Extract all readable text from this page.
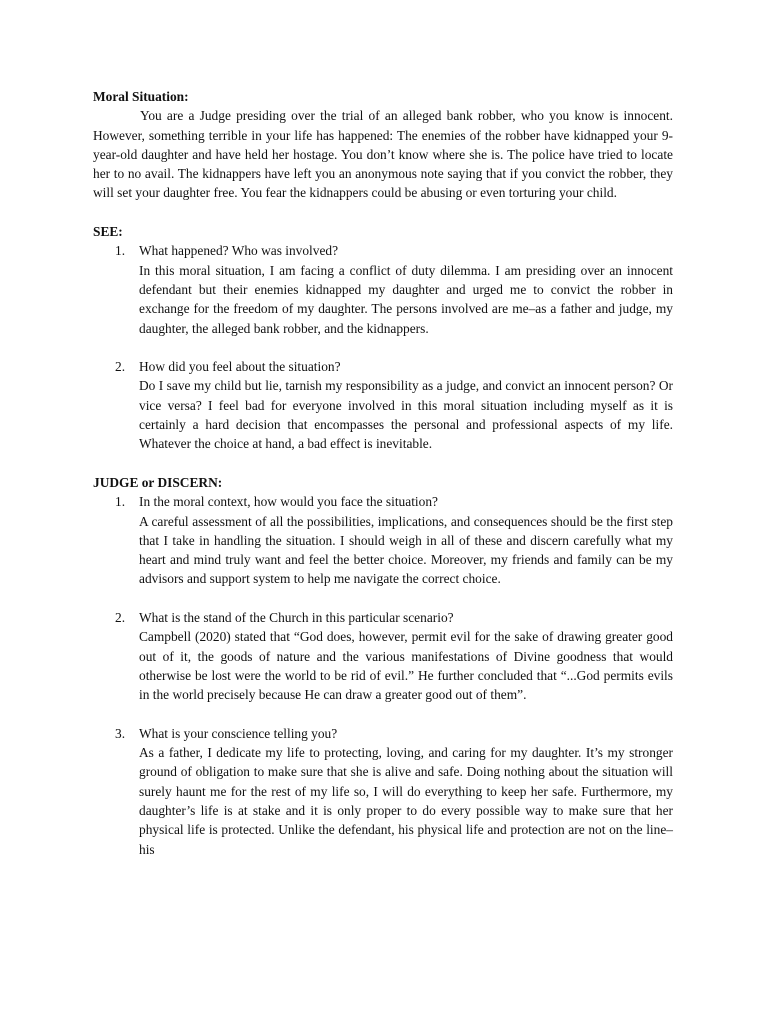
Moral Situation:

You are a Judge presiding over the trial of an alleged bank robber, who you know is innocent. However, something terrible in your life has happened: The enemies of the robber have kidnapped your 9-year-old daughter and have held her hostage. You don’t know where she is. The police have tried to locate her to no avail. The kidnappers have left you an anonymous note saying that if you convict the robber, they will set your daughter free. You fear the kidnappers could be abusing or even torturing your child.

SEE:

1. What happened? Who was involved?

In this moral situation, I am facing a conflict of duty dilemma. I am presiding over an innocent defendant but their enemies kidnapped my daughter and urged me to convict the robber in exchange for the freedom of my daughter. The persons involved are me–as a father and judge, my daughter, the alleged bank robber, and the kidnappers.

2. How did you feel about the situation?

Do I save my child but lie, tarnish my responsibility as a judge, and convict an innocent person? Or vice versa? I feel bad for everyone involved in this moral situation including myself as it is certainly a hard decision that encompasses the personal and professional aspects of my life. Whatever the choice at hand, a bad effect is inevitable.

JUDGE or DISCERN:

1. In the moral context, how would you face the situation?

A careful assessment of all the possibilities, implications, and consequences should be the first step that I take in handling the situation. I should weigh in all of these and discern carefully what my heart and mind truly want and feel the better choice. Moreover, my friends and family can be my advisors and support system to help me navigate the correct choice.

2. What is the stand of the Church in this particular scenario?

Campbell (2020) stated that “God does, however, permit evil for the sake of drawing greater good out of it, the goods of nature and the various manifestations of Divine goodness that would otherwise be lost were the world to be rid of evil.” He further concluded that “...God permits evils in the world precisely because He can draw a greater good out of them”.

3. What is your conscience telling you?

As a father, I dedicate my life to protecting, loving, and caring for my daughter. It’s my stronger ground of obligation to make sure that she is alive and safe. Doing nothing about the situation will surely haunt me for the rest of my life so, I will do everything to keep her safe. Furthermore, my daughter’s life is at stake and it is only proper to do every possible way to make sure that her physical life is protected. Unlike the defendant, his physical life and protection are not on the line–his
